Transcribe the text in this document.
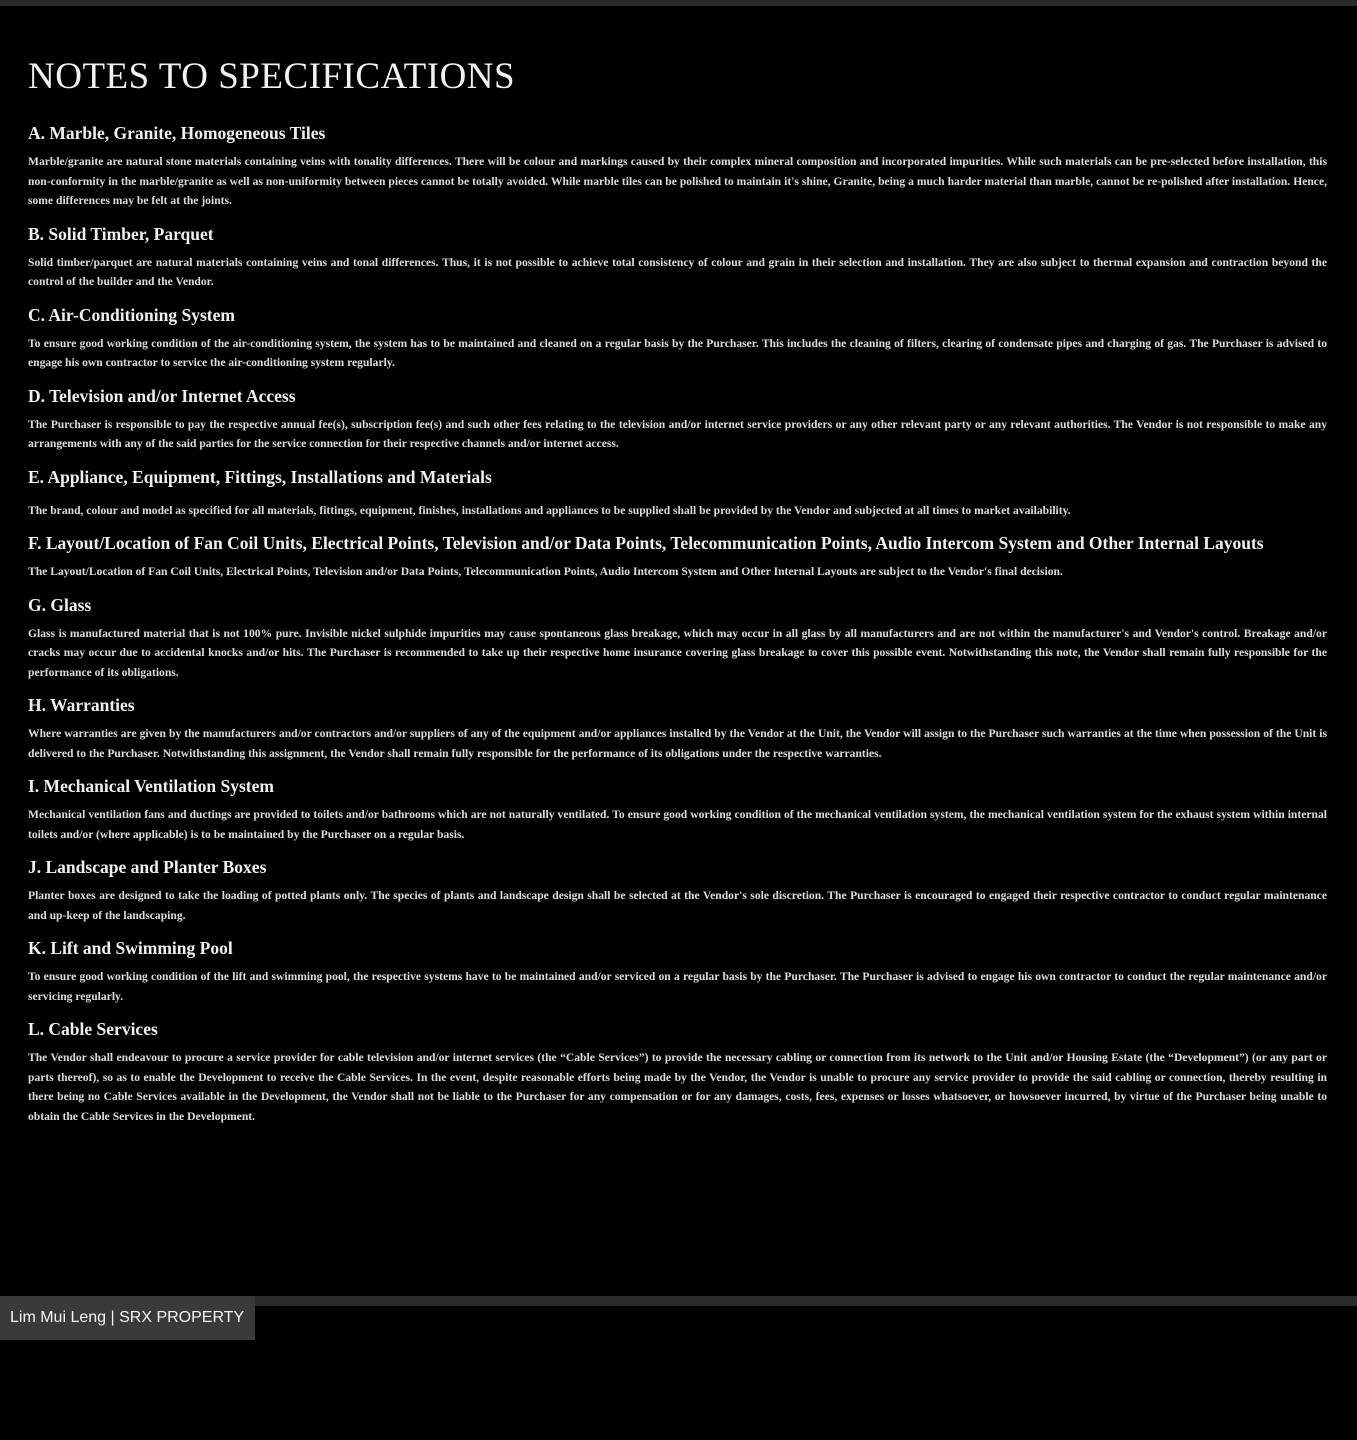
NOTES TO SPECIFICATIONS
A. Marble, Granite, Homogeneous Tiles

Marble/granite are natural stone materials containing veins with tonality differences. There will be colour and markings caused by their complex mineral composition and incorporated impurities. While such materials can be pre-selected before installation, this non-conformity in the marble/granite as well as non-uniformity between pieces cannot be totally avoided. While marble tiles can be polished to maintain it's shine, Granite, being a much harder material than marble, cannot be re-polished after installation. Hence, some differences may be felt at the joints.

B. Solid Timber, Parquet

Solid timber/parquet are natural materials containing veins and tonal differences. Thus, it is not possible to achieve total consistency of colour and grain in their selection and installation. They are also subject to thermal expansion and contraction beyond the control of the builder and the Vendor.

C. Air-Conditioning System

To ensure good working condition of the air-conditioning system, the system has to be maintained and cleaned on a regular basis by the Purchaser. This includes the cleaning of filters, clearing of condensate pipes and charging of gas. The Purchaser is advised to engage his own contractor to service the air-conditioning system regularly.

D. Television and/or Internet Access

The Purchaser is responsible to pay the respective annual fee(s), subscription fee(s) and such other fees relating to the television and/or internet service providers or any other relevant party or any relevant authorities. The Vendor is not responsible to make any arrangements with any of the said parties for the service connection for their respective channels and/or internet access.

E. Appliance, Equipment, Fittings, Installations and Materials

The brand, colour and model as specified for all materials, fittings, equipment, finishes, installations and appliances to be supplied shall be provided by the Vendor and subjected at all times to market availability.

F. Layout/Location of Fan Coil Units, Electrical Points, Television and/or Data Points, Telecommunication Points, Audio Intercom System and Other Internal Layouts

The Layout/Location of Fan Coil Units, Electrical Points, Television and/or Data Points, Telecommunication Points, Audio Intercom System and Other Internal Layouts are subject to the Vendor's final decision.

G. Glass

Glass is manufactured material that is not 100% pure. Invisible nickel sulphide impurities may cause spontaneous glass breakage, which may occur in all glass by all manufacturers and are not within the manufacturer's and Vendor's control. Breakage and/or cracks may occur due to accidental knocks and/or hits. The Purchaser is recommended to take up their respective home insurance covering glass breakage to cover this possible event. Notwithstanding this note, the Vendor shall remain fully responsible for the performance of its obligations.

H. Warranties

Where warranties are given by the manufacturers and/or contractors and/or suppliers of any of the equipment and/or appliances installed by the Vendor at the Unit, the Vendor will assign to the Purchaser such warranties at the time when possession of the Unit is delivered to the Purchaser. Notwithstanding this assignment, the Vendor shall remain fully responsible for the performance of its obligations under the respective warranties.

I. Mechanical Ventilation System

Mechanical ventilation fans and ductings are provided to toilets and/or bathrooms which are not naturally ventilated. To ensure good working condition of the mechanical ventilation system, the mechanical ventilation system for the exhaust system within internal toilets and/or (where applicable) is to be maintained by the Purchaser on a regular basis.

J. Landscape and Planter Boxes

Planter boxes are designed to take the loading of potted plants only. The species of plants and landscape design shall be selected at the Vendor's sole discretion. The Purchaser is encouraged to engaged their respective contractor to conduct regular maintenance and up-keep of the landscaping.

K. Lift and Swimming Pool

To ensure good working condition of the lift and swimming pool, the respective systems have to be maintained and/or serviced on a regular basis by the Purchaser. The Purchaser is advised to engage his own contractor to conduct the regular maintenance and/or servicing regularly.

L. Cable Services

The Vendor shall endeavour to procure a service provider for cable television and/or internet services (the “Cable Services”) to provide the necessary cabling or connection from its network to the Unit and/or Housing Estate (the “Development”) (or any part or parts thereof), so as to enable the Development to receive the Cable Services. In the event, despite reasonable efforts being made by the Vendor, the Vendor is unable to procure any service provider to provide the said cabling or connection, thereby resulting in there being no Cable Services available in the Development, the Vendor shall not be liable to the Purchaser for any compensation or for any damages, costs, fees, expenses or losses whatsoever, or howsoever incurred, by virtue of the Purchaser being unable to obtain the Cable Services in the Development.

Lim Mui Leng | SRX PROPERTY
